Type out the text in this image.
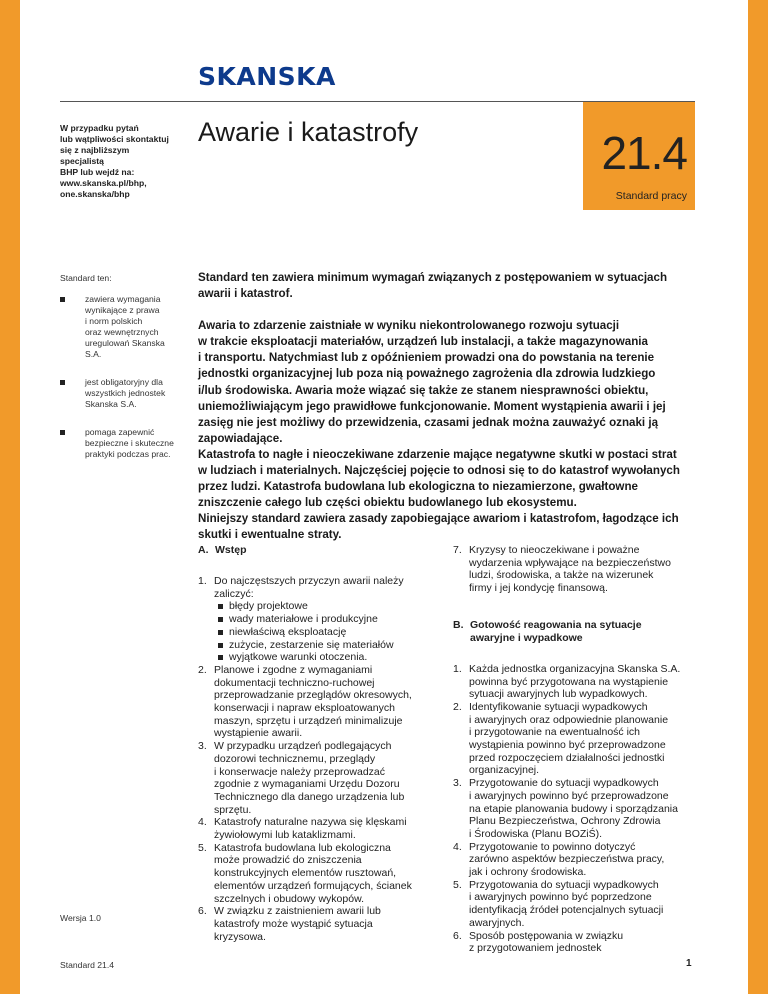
SKANSKA
W przypadku pytań
lub wątpliwości skontaktuj
się z najbliższym specjalistą
BHP lub wejdź na:
www.skanska.pl/bhp,
one.skanska/bhp
Awarie i katastrofy	21.4
Standard pracy
Standard ten:
zawiera wymagania
wynikające z prawa
i norm polskich
oraz wewnętrznych
uregulowań Skanska S.A.
jest obligatoryjny dla
wszystkich jednostek
Skanska S.A.
pomaga zapewnić
bezpieczne i skuteczne
praktyki podczas prac.

Standard ten zawiera minimum wymagań związanych z postępowaniem w sytuacjach
awarii i katastrof.

Awaria to zdarzenie zaistniałe w wyniku niekontrolowanego rozwoju sytuacji
w trakcie eksploatacji materiałów, urządzeń lub instalacji, a także magazynowania
i transportu. Natychmiast lub z opóźnieniem prowadzi ona do powstania na terenie
jednostki organizacyjnej lub poza nią poważnego zagrożenia dla zdrowia ludzkiego
i/lub środowiska. Awaria może wiązać się także ze stanem niesprawności obiektu,
uniemożliwiającym jego prawidłowe funkcjonowanie. Moment wystąpienia awarii i jej
zasięg nie jest możliwy do przewidzenia, czasami jednak można zauważyć oznaki ją
zapowiadające.
Katastrofa to nagłe i nieoczekiwane zdarzenie mające negatywne skutki w postaci strat
w ludziach i materialnych. Najczęściej pojęcie to odnosi się to do katastrof wywołanych
przez ludzi. Katastrofa budowlana lub ekologiczna to niezamierzone, gwałtowne
zniszczenie całego lub części obiektu budowlanego lub ekosystemu.
Niniejszy standard zawiera zasady zapobiegające awariom i katastrofom, łagodzące ich
skutki i ewentualne straty.

A. Wstęp
1. Do najczęstszych przyczyn awarii należy
zaliczyć:
błędy projektowe
wady materiałowe i produkcyjne
niewłaściwą eksploatację
zużycie, zestarzenie się materiałów
wyjątkowe warunki otoczenia.
2. Planowe i zgodne z wymaganiami
dokumentacji techniczno-ruchowej
przeprowadzanie przeglądów okresowych,
konserwacji i napraw eksploatowanych
maszyn, sprzętu i urządzeń minimalizuje
wystąpienie awarii.
3. W przypadku urządzeń podlegających
dozorowi technicznemu, przeglądy
i konserwacje należy przeprowadzać
zgodnie z wymaganiami Urzędu Dozoru
Technicznego dla danego urządzenia lub
sprzętu.
4. Katastrofy naturalne nazywa się klęskami
żywiołowymi lub kataklizmami.
5. Katastrofa budowlana lub ekologiczna
może prowadzić do zniszczenia
konstrukcyjnych elementów rusztowań,
elementów urządzeń formujących, ścianek
szczelnych i obudowy wykopów.
6. W związku z zaistnieniem awarii lub
katastrofy może wystąpić sytuacja
kryzysowa.
7. Kryzysy to nieoczekiwane i poważne
wydarzenia wpływające na bezpieczeństwo
ludzi, środowiska, a także na wizerunek
firmy i jej kondycję finansową.
B. Gotowość reagowania na sytuacje
awaryjne i wypadkowe
1. Każda jednostka organizacyjna Skanska S.A.
powinna być przygotowana na wystąpienie
sytuacji awaryjnych lub wypadkowych.
2. Identyfikowanie sytuacji wypadkowych
i awaryjnych oraz odpowiednie planowanie
i przygotowanie na ewentualność ich
wystąpienia powinno być przeprowadzone
przed rozpoczęciem działalności jednostki
organizacyjnej.
3. Przygotowanie do sytuacji wypadkowych
i awaryjnych powinno być przeprowadzone
na etapie planowania budowy i sporządzania
Planu Bezpieczeństwa, Ochrony Zdrowia
i Środowiska (Planu BOZiŚ).
4. Przygotowanie to powinno dotyczyć
zarówno aspektów bezpieczeństwa pracy,
jak i ochrony środowiska.
5. Przygotowania do sytuacji wypadkowych
i awaryjnych powinno być poprzedzone
identyfikacją źródeł potencjalnych sytuacji
awaryjnych.
6. Sposób postępowania w związku
z przygotowaniem jednostek
Wersja 1.0
Standard 21.4	1
